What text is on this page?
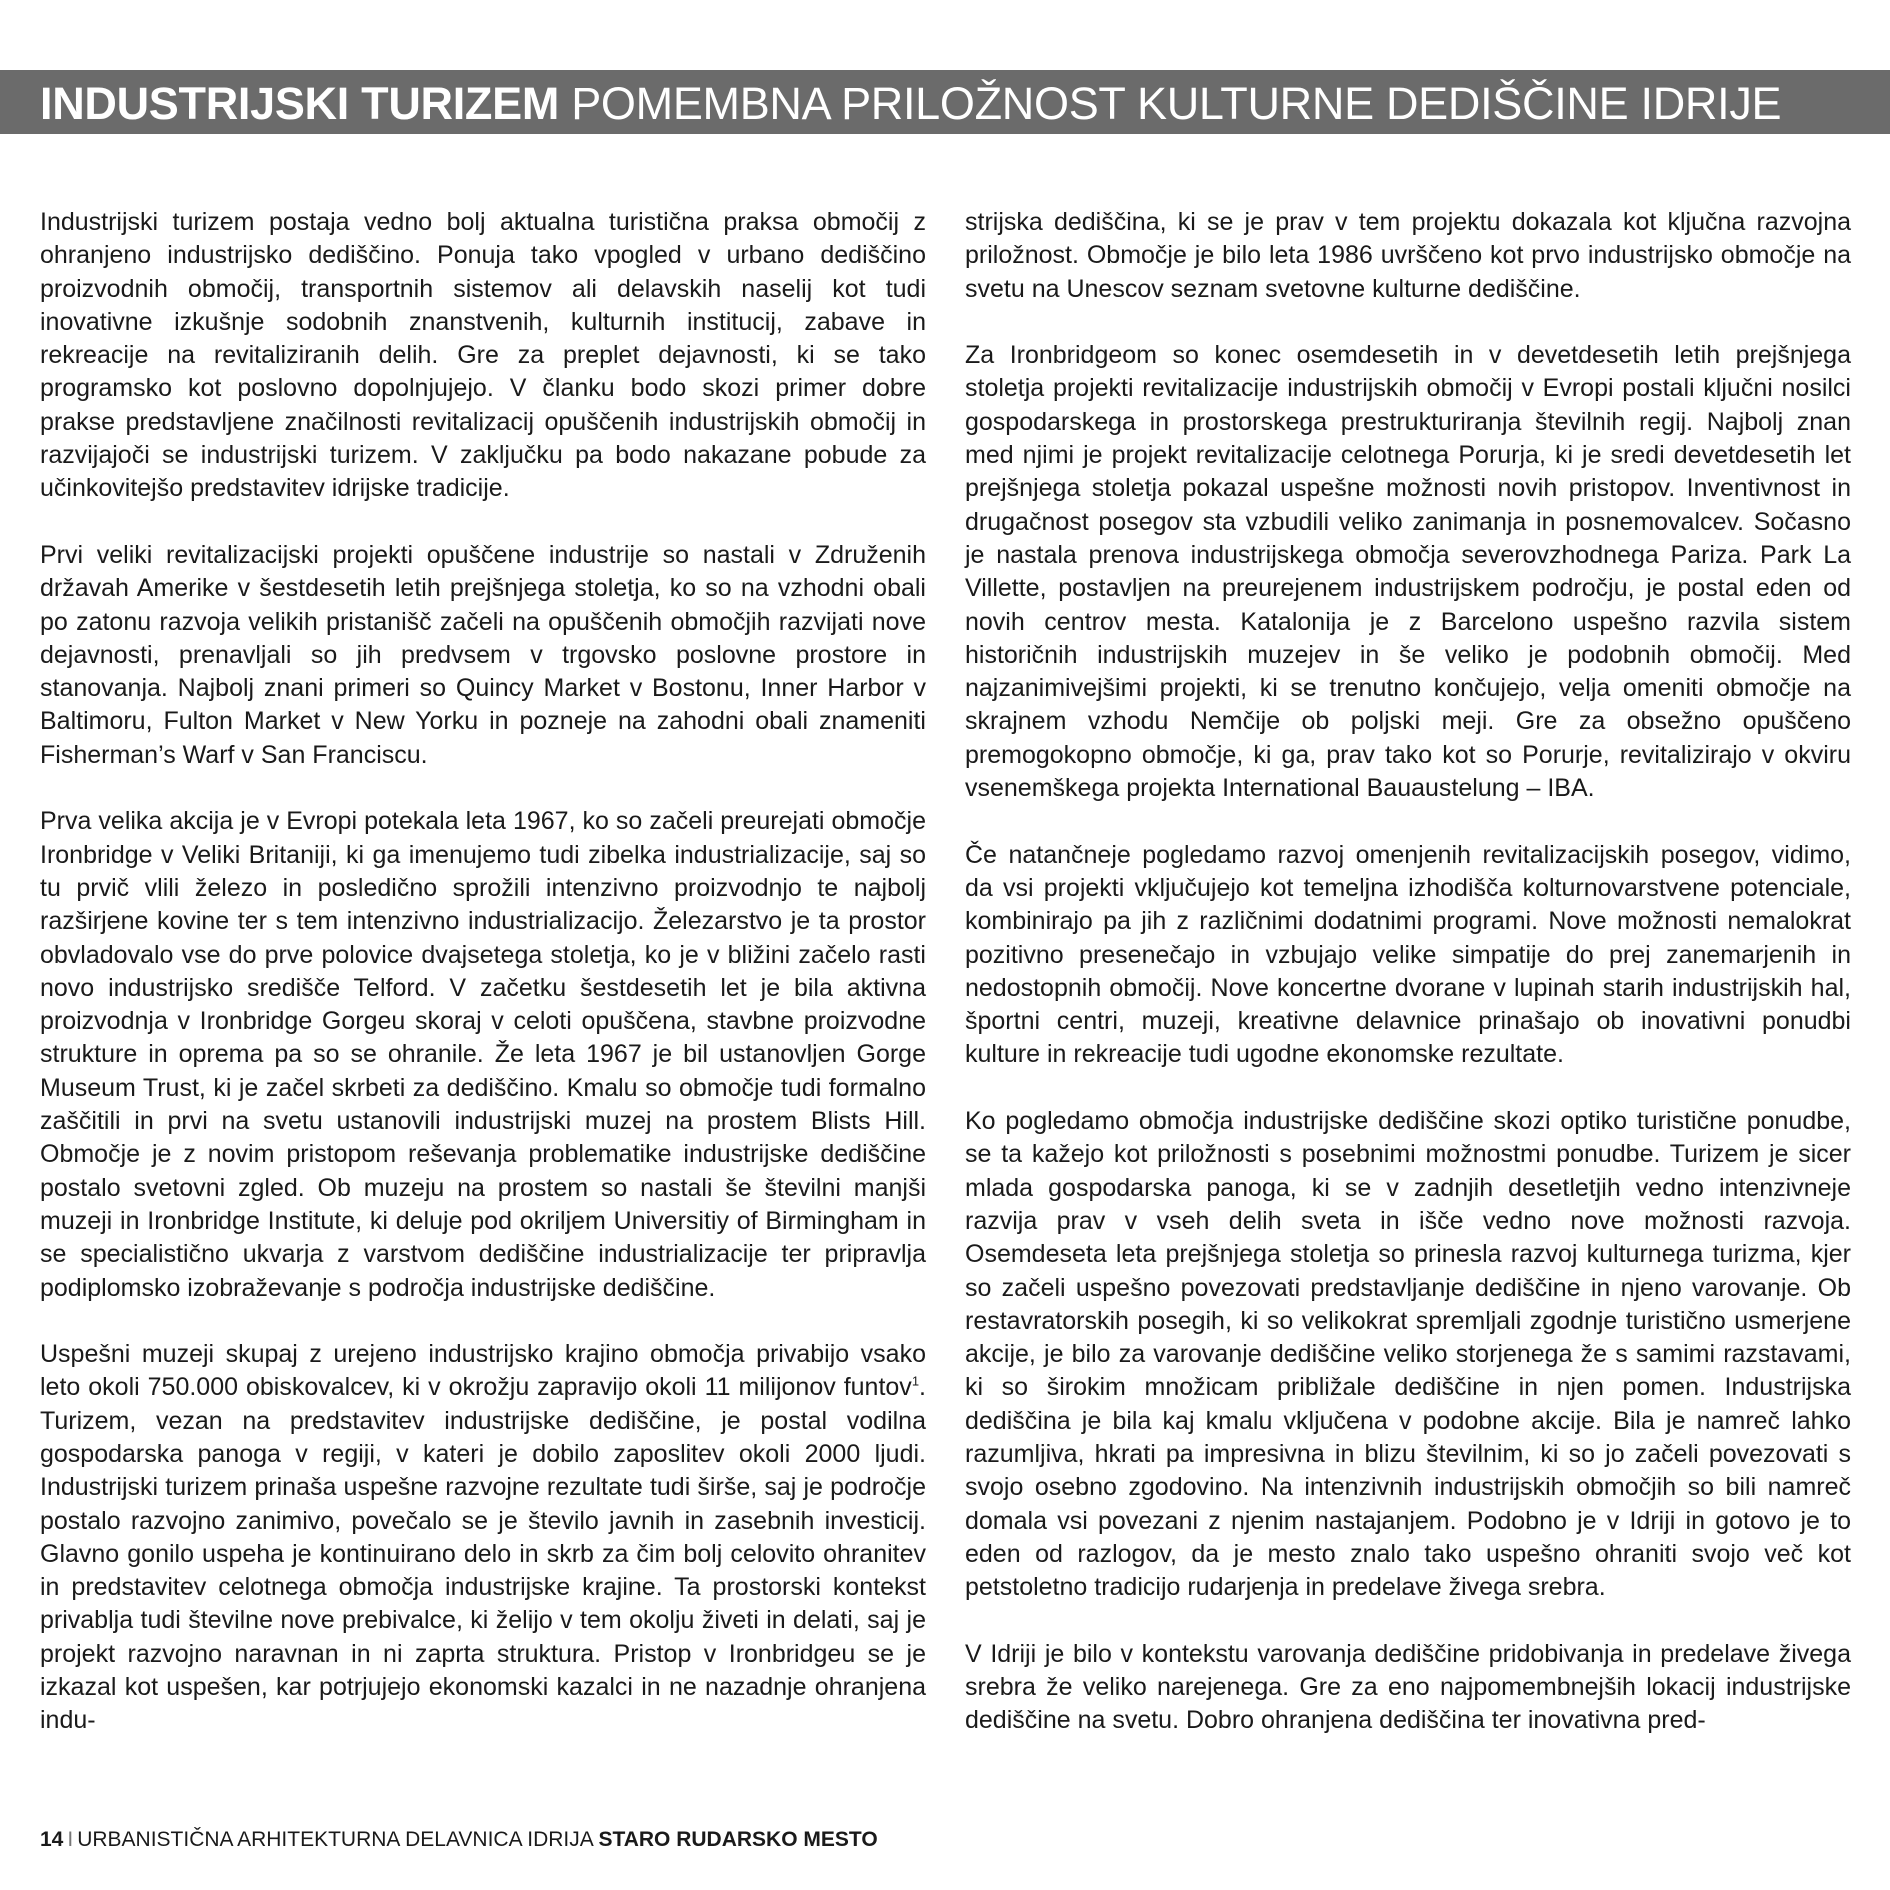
INDUSTRIJSKI TURIZEM POMEMBNA PRILOŽNOST KULTURNE DEDIŠČINE IDRIJE

Industrijski turizem postaja vedno bolj aktualna turistična praksa območij z ohranjeno industrijsko dediščino. Ponuja tako vpogled v urbano dediščino proizvodnih območij, transportnih sistemov ali delavskih naselij kot tudi inovativne izkušnje sodobnih znanstvenih, kulturnih institucij, zabave in rekreacije na revitaliziranih delih. Gre za preplet dejavnosti, ki se tako programsko kot poslovno dopolnjujejo. V članku bodo skozi primer dobre prakse predstavljene značilnosti revitalizacij opuščenih industrijskih območij in razvijajoči se industrijski turizem. V zaključku pa bodo nakazane pobude za učinkovitejšo predstavitev idrijske tradicije.

Prvi veliki revitalizacijski projekti opuščene industrije so nastali v Združenih državah Amerike v šestdesetih letih prejšnjega stoletja, ko so na vzhodni obali po zatonu razvoja velikih pristanišč začeli na opuščenih območjih razvijati nove dejavnosti, prenavljali so jih predvsem v trgovsko poslovne prostore in stanovanja. Najbolj znani primeri so Quincy Market v Bostonu, Inner Harbor v Baltimoru, Fulton Market v New Yorku in pozneje na zahodni obali znameniti Fisherman’s Warf v San Franciscu.

Prva velika akcija je v Evropi potekala leta 1967, ko so začeli preurejati območje Ironbridge v Veliki Britaniji, ki ga imenujemo tudi zibelka industrializacije, saj so tu prvič vlili železo in posledično sprožili intenzivno proizvodnjo te najbolj razširjene kovine ter s tem intenzivno industrializacijo. Železarstvo je ta prostor obvladovalo vse do prve polovice dvajsetega stoletja, ko je v bližini začelo rasti novo industrijsko središče Telford. V začetku šestdesetih let je bila aktivna proizvodnja v Ironbridge Gorgeu skoraj v celoti opuščena, stavbne proizvodne strukture in oprema pa so se ohranile. Že leta 1967 je bil ustanovljen Gorge Museum Trust, ki je začel skrbeti za dediščino. Kmalu so območje tudi formalno zaščitili in prvi na svetu ustanovili industrijski muzej na prostem Blists Hill. Območje je z novim pristopom reševanja problematike industrijske dediščine postalo svetovni zgled. Ob muzeju na prostem so nastali še številni manjši muzeji in Ironbridge Institute, ki deluje pod okriljem Universitiy of Birmingham in se specialistično ukvarja z varstvom dediščine industrializacije ter pripravlja podiplomsko izobraževanje s področja industrijske dediščine.

Uspešni muzeji skupaj z urejeno industrijsko krajino območja privabijo vsako leto okoli 750.000 obiskovalcev, ki v okrožju zapravijo okoli 11 milijonov funtov$^1$. Turizem, vezan na predstavitev industrijske dediščine, je postal vodilna gospodarska panoga v regiji, v kateri je dobilo zaposlitev okoli 2000 ljudi. Industrijski turizem prinaša uspešne razvojne rezultate tudi širše, saj je področje postalo razvojno zanimivo, povečalo se je število javnih in zasebnih investicij. Glavno gonilo uspeha je kontinuirano delo in skrb za čim bolj celovito ohranitev in predstavitev celotnega območja industrijske krajine. Ta prostorski kontekst privablja tudi številne nove prebivalce, ki želijo v tem okolju živeti in delati, saj je projekt razvojno naravnan in ni zaprta struktura. Pristop v Ironbridgeu se je izkazal kot uspešen, kar potrjujejo ekonomski kazalci in ne nazadnje ohranjena indu-

strijska dediščina, ki se je prav v tem projektu dokazala kot ključna razvojna priložnost. Območje je bilo leta 1986 uvrščeno kot prvo industrijsko območje na svetu na Unescov seznam svetovne kulturne dediščine.

Za Ironbridgeom so konec osemdesetih in v devetdesetih letih prejšnjega stoletja projekti revitalizacije industrijskih območij v Evropi postali ključni nosilci gospodarskega in prostorskega prestrukturiranja številnih regij. Najbolj znan med njimi je projekt revitalizacije celotnega Porurja, ki je sredi devetdesetih let prejšnjega stoletja pokazal uspešne možnosti novih pristopov. Inventivnost in drugačnost posegov sta vzbudili veliko zanimanja in posnemovalcev. Sočasno je nastala prenova industrijskega območja severovzhodnega Pariza. Park La Villette, postavljen na preurejenem industrijskem področju, je postal eden od novih centrov mesta. Katalonija je z Barcelono uspešno razvila sistem historičnih industrijskih muzejev in še veliko je podobnih območij. Med najzanimivejšimi projekti, ki se trenutno končujejo, velja omeniti območje na skrajnem vzhodu Nemčije ob poljski meji. Gre za obsežno opuščeno premogokopno območje, ki ga, prav tako kot so Porurje, revitalizirajo v okviru vsenemškega projekta International Bauaustelung – IBA.

Če natančneje pogledamo razvoj omenjenih revitalizacijskih posegov, vidimo, da vsi projekti vključujejo kot temeljna izhodišča kolturnovarstvene potenciale, kombinirajo pa jih z različnimi dodatnimi programi. Nove možnosti nemalokrat pozitivno presenečajo in vzbujajo velike simpatije do prej zanemarjenih in nedostopnih območij. Nove koncertne dvorane v lupinah starih industrijskih hal, športni centri, muzeji, kreativne delavnice prinašajo ob inovativni ponudbi kulture in rekreacije tudi ugodne ekonomske rezultate.

Ko pogledamo območja industrijske dediščine skozi optiko turistične ponudbe, se ta kažejo kot priložnosti s posebnimi možnostmi ponudbe. Turizem je sicer mlada gospodarska panoga, ki se v zadnjih desetletjih vedno intenzivneje razvija prav v vseh delih sveta in išče vedno nove možnosti razvoja. Osemdeseta leta prejšnjega stoletja so prinesla razvoj kulturnega turizma, kjer so začeli uspešno povezovati predstavljanje dediščine in njeno varovanje. Ob restavratorskih posegih, ki so velikokrat spremljali zgodnje turistično usmerjene akcije, je bilo za varovanje dediščine veliko storjenega že s samimi razstavami, ki so širokim množicam približale dediščine in njen pomen. Industrijska dediščina je bila kaj kmalu vključena v podobne akcije. Bila je namreč lahko razumljiva, hkrati pa impresivna in blizu številnim, ki so jo začeli povezovati s svojo osebno zgodovino. Na intenzivnih industrijskih območjih so bili namreč domala vsi povezani z njenim nastajanjem. Podobno je v Idriji in gotovo je to eden od razlogov, da je mesto znalo tako uspešno ohraniti svojo več kot petstoletno tradicijo rudarjenja in predelave živega srebra.

V Idriji je bilo v kontekstu varovanja dediščine pridobivanja in predelave živega srebra že veliko narejenega. Gre za eno najpomembnejših lokacij industrijske dediščine na svetu. Dobro ohranjena dediščina ter inovativna pred-

14 I URBANISTIČNA ARHITEKTURNA DELAVNICA IDRIJA STARO RUDARSKO MESTO
